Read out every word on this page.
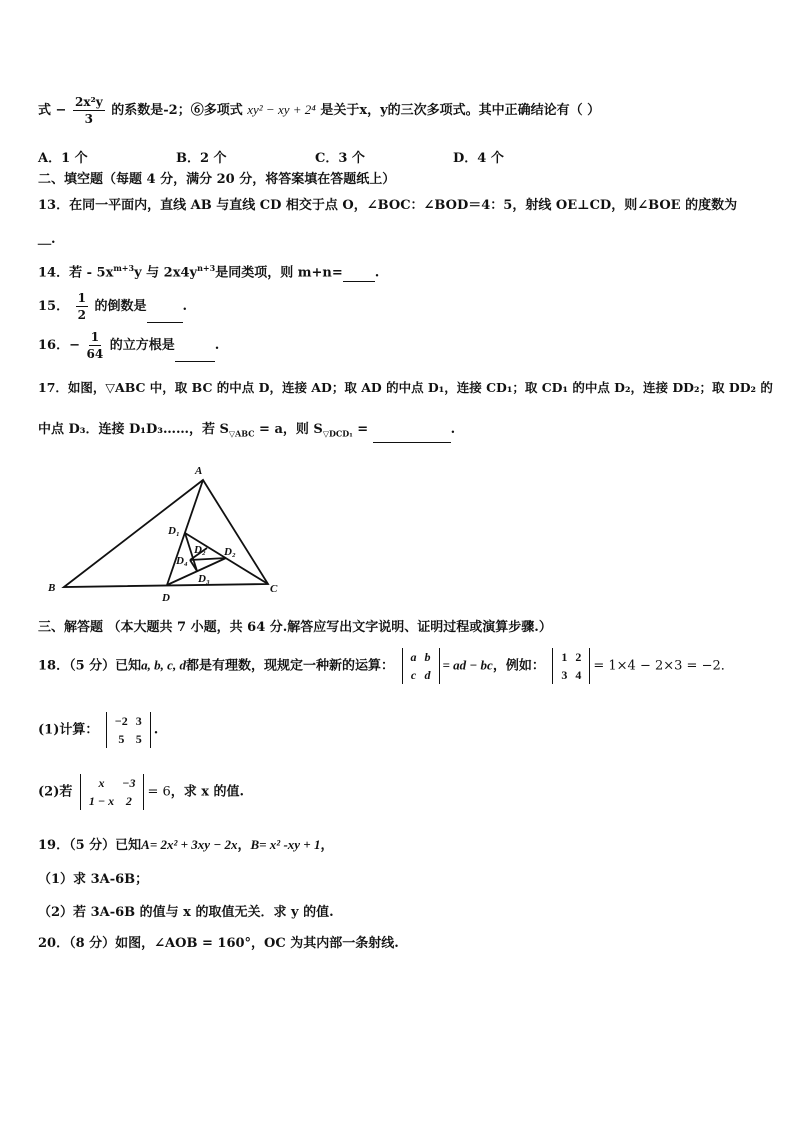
式 − $\frac{\text{2x²y}}{3}$ 的系数是-2；⑥多项式 xy² − xy + 2⁴ 是关于x，y的三次多项式。其中正确结论有（ ）
A．1 个	B．2 个	C．3 个	D．4 个
二、填空题（每题 4 分，满分 20 分，将答案填在答题纸上）
13．在同一平面内，直线 AB 与直线 CD 相交于点 O，∠BOC：∠BOD＝4：5，射线 OE⊥CD，则∠BOE 的度数为
＿.
14．若 - $5x^{m+3}y$ 与 $2x4y^{n+3}$是同类项，则 m+n= .
15． $\frac{1}{2}$ 的倒数是	.
16．− $\frac{1}{64}$ 的立方根是	.
17．如图，▽ABC 中，取 BC 的中点 D，连接 AD；取 AD 的中点 D₁，连接 CD₁；取 CD₁ 的中点 D₂，连接 DD₂；取 DD₂ 的
中点 D₃．连接 D₁D₃……，若 $S_{▽ABC} = a$，则 $S_{▽DCD_1}$ =	.
A
B	C
D
D₁
D₂
D₃
D₄
D₂
三、解答题 （本大题共 7 小题，共 64 分.解答应写出文字说明、证明过程或演算步骤.）
18．（5 分）已知a, b, c, d都是有理数，现规定一种新的运算：
a	b
c	d
= ad − bc，例如：
1	2
3	4
= 1×4 − 2×3 = −2．
(1)计算：
−2	3
5	5
.
(2)若
x	−3
1 − x	2
= 6，求 x 的值.
19．（5 分）已知A= 2x² + 3xy − 2x，B= x² -xy + 1，
（1）求 3A-6B；
（2）若 3A-6B 的值与 x 的取值无关．求 y 的值.
20．（8 分）如图，∠AOB = 160°，OC 为其内部一条射线.
